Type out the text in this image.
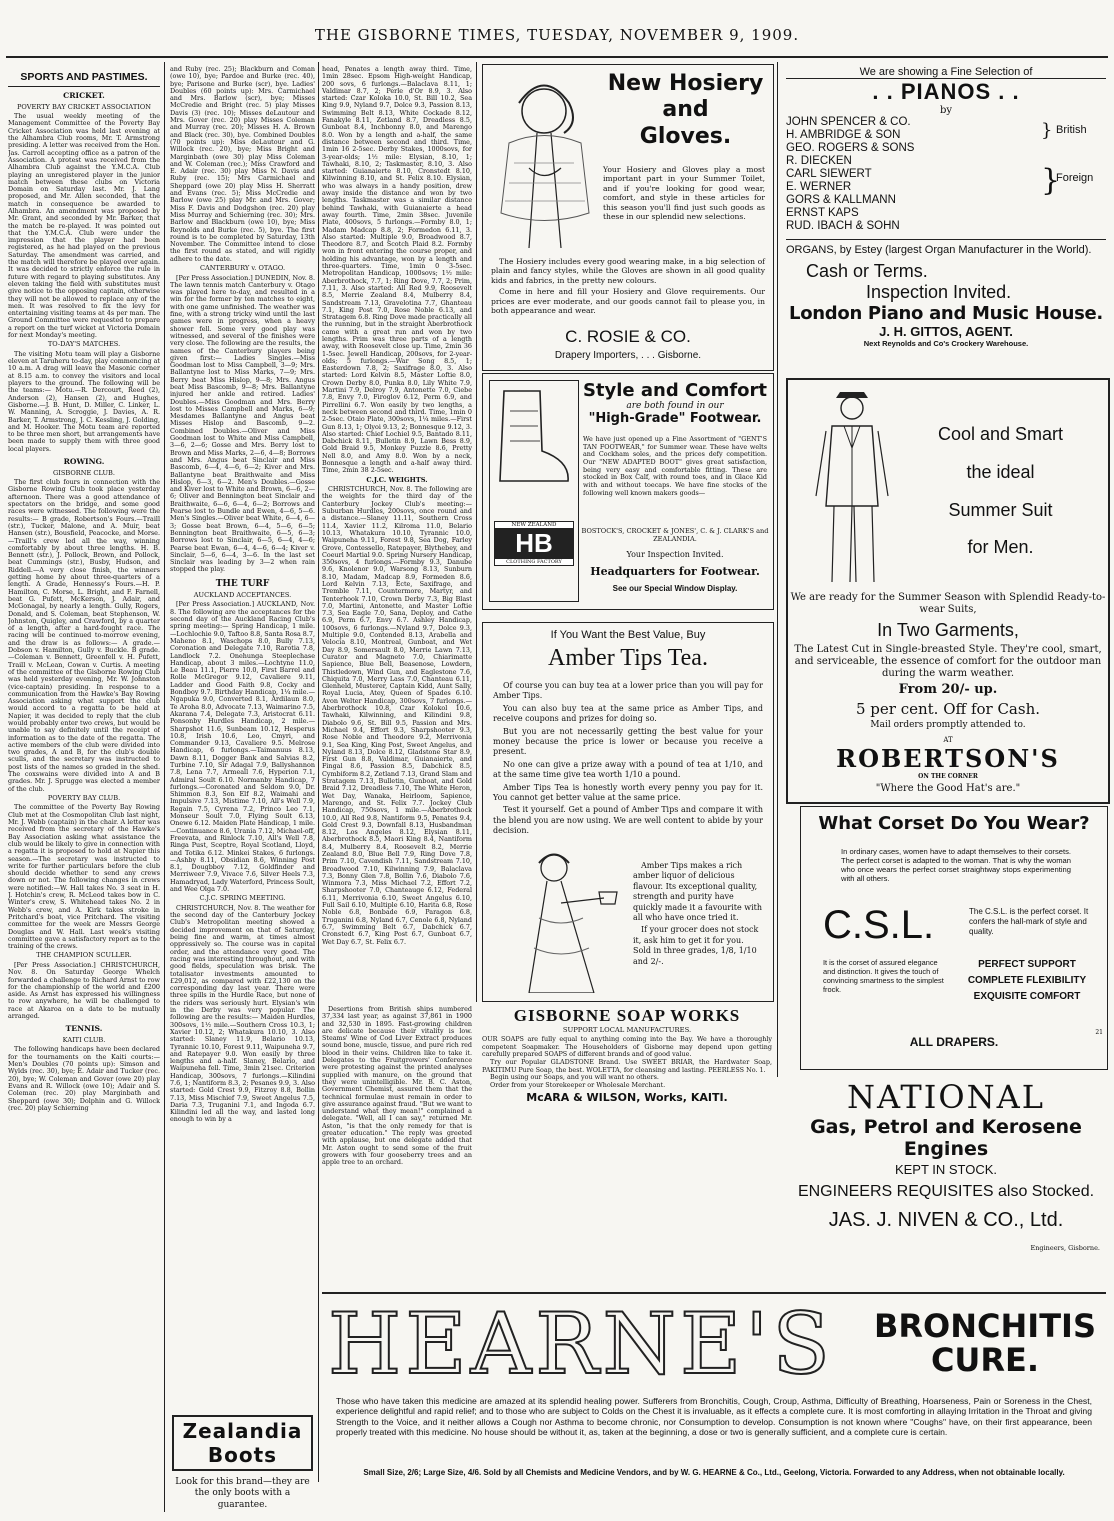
THE GISBORNE TIMES, TUESDAY, NOVEMBER 9, 1909.
SPORTS AND PASTIMES.
CRICKET.
POVERTY BAY CRICKET ASSOCIATION

The usual weekly meeting of the Management Committee of the Poverty Bay Cricket Association was held last evening at the Alhambra Club rooms, Mr. T. Armstrong presiding. A letter was received from the Hon. Jas. Carroll accepting office as a patron of the Association. A protest was received from the Alhambra Club against the Y.M.C.A. Club playing an unregistered player in the junior match between these clubs on Victoria Domain on Saturday last. Mr. J. Lang proposed, and Mr. Allen seconded, that the match in consequence be awarded to Alhambra. An amendment was proposed by Mr. Grant, and seconded by Mr. Barker, that the match be re-played. It was pointed out that the Y.M.C.A. Club were under the impression that the player had been registered, as he had played on the previous Saturday. The amendment was carried, and the match will therefore be played over again. It was decided to strictly enforce the rule in future with regard to playing substitutes. Any eleven taking the field with substitutes must give notice to the opposing captain, otherwise they will not be allowed to replace any of the men. It was resolved to fix the levy for entertaining visiting teams at 4s per man. The Ground Committee were requested to prepare a report on the turf wicket at Victoria Domain for next Monday's meeting.

TO-DAY'S MATCHES.

The visiting Motu team will play a Gisborne eleven at Taruheru to-day, play commencing at 10 a.m. A drag will leave the Masonic corner at 8.15 a.m. to convey the visitors and local players to the ground. The following will be the teams:— Motu.—R. Dercourt, Reed (2), Anderson (2), Hansen (2), and Hughes, Gisborne.—J. B. Hunt, D. Miller, C. Linker, L. W. Manning, A. Scroggie, J. Davies, A. R. Barker, T. Armstrong, J. C. Kessling, J. Golding, and M. Hooker. The Motu team are reported to be three men short, but arrangements have been made to supply them with three good local players.

ROWING.
GISBORNE CLUB.

The first club fours in connection with the Gisborne Rowing Club took place yesterday afternoon. There was a good attendance of spectators on the bridge, and some good races were witnessed. The following were the results:— B grade, Robertson's Fours.—Traill (str.), Tucker, Malone, and A. Muir, beat Hansen (str.), Bousfield, Peacocke, and Morse.—Traill's crew led all the way, winning comfortably by about three lengths. H. B. Bennett (str.), J. Pollock, Brown, and Pollock, beat Cummings (str.), Busby, Hudson, and Riddell.—A very close finish, the winners getting home by about three-quarters of a length. A Grade, Hennessy's Fours.—H. P. Hamilton, C. Morse, L. Bright, and F. Farnell, beat G. Pufett, McKerson, J. Adair, and McGonagal, by nearly a length. Gully, Rogers, Donald, and S. Coleman, beat Stephenson, W. Johnston, Quigley, and Crawford, by a quarter of a length, after a hard-fought race. The racing will be continued to-morrow evening, and the draw is as follows:— A grade.—Dobson v. Hamilton, Gully v. Buckle. B grade.—Coleman v. Bennett, Greenfell v. H. Pufett, Traill v. McLean, Cowan v. Curtis. A meeting of the committee of the Gisborne Rowing Club was held yesterday evening, Mr. W. Johnston (vice-captain) presiding. In response to a communication from the Hawke's Bay Rowing Association asking what support the club would accord to a regatta to be held at Napier, it was decided to reply that the club would probably enter two crews, but would be unable to say definitely until the receipt of information as to the date of the regatta. The active members of the club were divided into two grades, A and B, for the club's double sculls, and the secretary was instructed to post lists of the names so graded in the shed. The coxswains were divided into A and B grades. Mr. J. Sprugge was elected a member of the club.

POVERTY BAY CLUB.

The committee of the Poverty Bay Rowing Club met at the Cosmopolitan Club last night, Mr. J. Webb (captain) in the chair. A letter was received from the secretary of the Hawke's Bay Association asking what assistance the club would be likely to give in connection with a regatta it is proposed to hold at Napier this season.—The secretary was instructed to write for further particulars before the club should decide whether to send any crews down or not. The following changes in crews were notified:—W. Hall takes No. 3 seat in H. J. Hotchin's crew, R. McLeod takes bow in C. Winter's crew, S. Whitehead takes No. 2 in Webb's crew, and A. Kirk takes stroke in Pritchard's boat, vice Pritchard. The visiting committee for the week are Messrs George Douglas and W. Hall. Last week's visiting committee gave a satisfactory report as to the training of the crews.

THE CHAMPION SCULLER.

[Per Press Association.] CHRISTCHURCH, Nov. 8. On Saturday George Whelch forwarded a challenge to Richard Arnst to row for the championship of the world and £200 aside. As Arnst has expressed his willingness to row anywhere, he will be challenged to race at Akaroa on a date to be mutually arranged.

TENNIS.
KAITI CLUB.

The following handicaps have been declared for the tournaments on the Kaiti courts:— Men's Doubles (70 points up): Simson and Wylds (rec. 30), bye; E. Adair and Tucker (rec. 20), bye; W. Coleman and Gover (owe 20) play Evans and R. Willock (owe 10); Adair and S. Coleman (rec. 20) play Marginbath and Sheppard (owe 30); Dolphin and G. Willock (rec. 20) play Schierning

and Ruby (rec. 25); Blackburn and Coman (owe 10), bye; Pardoe and Burke (rec. 40), bye; Parisone and Burke (scr), bye. Ladies' Doubles (60 points up): Mrs. Carmichael and Mrs. Barlow (scr), bye; Misses McCredie and Bright (rec. 5) play Misses Davis (3) (rec. 10); Misses deLautour and Mrs. Gover (rec. 20) play Misses Coleman and Murray (rec. 20); Misses H. A. Brown and Black (rec. 30), bye. Combined Doubles (70 points up): Miss deLautour and G. Willock (rec. 20), bye; Miss Bright and Marginbath (owe 30) play Miss Coleman and W. Coleman (rec.); Miss Crawford and E. Adair (rec. 30) play Miss N. Davis and Ruby (rec. 15); Mrs Carmichael and Sheppard (owe 20) play Miss H. Sherratt and Evans (rec. 5); Miss McCredie and Barlow (owe 25) play Mr. and Mrs. Gover; Miss F. Davis and Dodgshon (rec. 20) play Miss Murray and Schierning (rec. 30); Mrs. Barlow and Blackburn (owe 10), bye; Miss Reynolds and Burke (rec. 5), bye. The first round is to be completed by Saturday, 13th November. The Committee intend to close the first round as stated, and will rigidly adhere to the date.

CANTERBURY v. OTAGO.

[Per Press Association.] DUNEDIN, Nov. 8. The lawn tennis match Canterbury v. Otago was played here to-day, and resulted in a win for the former by ten matches to eight, with one game unfinished. The weather was fine, with a strong tricky wind until the last games were in progress, when a heavy shower fell. Some very good play was witnessed, and several of the finishes were very close. The following are the results, the names of the Canterbury players being given first:— Ladies Singles.—Miss Goodman lost to Miss Campbell, 3—9; Mrs. Ballantyne lost to Miss Marks, 7—9; Mrs. Berry beat Miss Hislop, 9—8; Mrs. Angus beat Miss Bascomb, 9—8; Mrs. Ballantyne injured her ankle and retired. Ladies' Doubles.—Miss Goodman and Mrs. Berry lost to Misses Campbell and Marks, 6—9; Mesdames Ballantyne and Angus beat Misses Hislop and Bascomb, 9—2. Combined Doubles.—Oliver and Miss Goodman lost to White and Miss Campbell, 3—6, 2—6; Gosse and Mrs. Berry lost to Brown and Miss Marks, 2—6, 4—8; Borrows and Mrs. Angus beat Sinclair and Miss Bascomb, 6—4, 4—6, 6—2; Kiver and Mrs. Ballantyne beat Braithwaite and Miss Hislop, 6—3, 6—2. Men's Doubles.—Gosse and Kiver lost to White and Brown, 6—6, 2—6; Oliver and Bennington beat Sinclair and Braithwaite, 6—6, 6—4, 6—2; Borrows and Pearse lost to Bundle and Ewen, 4—6, 5—6. Men's Singles.—Oliver beat White, 6—4, 6—3; Gosse beat Brown, 6—4, 5—6, 6—5; Bennington beat Braithwaite, 6—5, 6—3; Borrows lost to Sinclair, 6—5, 6—4, 4—6; Pearse beat Ewan, 6—4, 4—6, 6—4; Kiver v. Sinclair, 5—6, 6—4, 3—6. In the last set Sinclair was leading by 3—2 when rain stopped the play.

THE TURF
AUCKLAND ACCEPTANCES.

[Per Press Association.] AUCKLAND, Nov. 8. The following are the acceptances for the second day of the Auckland Racing Club's spring meeting:— Spring Handicap, 1 mile.—Lochlochie 9.0, Taftoo 8.8, Santa Rosa 8.7, Maheno 8.1, Waschops 8.0, Bully 7.13, Coronation and Delegate 7.10, Rarotia 7.8, Landlock 7.2. Onehunga Steeplechase Handicap, about 3 miles.—Lochtyne 11.0, Le Beau 11.1, Pierre 10.0, First Barrel and Rolle McGregor 9.12, Cavaliere 9.11, Ladder and Good Faith 9.8, Cocky and Bondboy 9.7. Birthday Handicap, 1¼ mile.—Ngapuka 9.0, Converted 8.1, Ardilaun 8.0, Te Aroha 8.0, Advocate 7.13, Waimarino 7.5, Akarana 7.4, Delegate 7.3, Aristocrat 6.11. Ponsonby Hurdles Handicap, 2 mile.—Sharpshot 11.6, Sunbeam 10.12, Hesperus 10.8, Irish 10.6, Leo, Cmyri, and Commander 9.13, Cavaliere 9.5. Melrose Handicap, 6 furlongs.—Taimanuus 8.13, Dawn 8.11, Dogger Bank and Salvias 8.2, Turbine 7.10, Sir Adagal 7.9, Ballyshannon 7.8, Lena 7.7, Armeall 7.6, Hyperion 7.1, Admiral Soult 6.10. Normanby Handicap, 7 furlongs.—Coronated and Seldom 9.0, Dr. Shimmon 8.3, Son Elf 8.2, Waimahi and Impulsive 7.13, Mistime 7.10, All's Well 7.9, Regain 7.5, Cyrena 7.2, Princo Leo 7.1, Monseur Soult 7.0, Flying Soult 6.13, Onewe 6.12. Maiden Plate Handicap, 1 mile.—Continuance 8.6, Urania 7.12, Michael-off, Freevata, and Rinlock 7.10, All's Well 7.8, Ringa Pust, Sceptre, Royal Scotland, Lloyd, and Totika 6.12. Minkei Stakes, 6 furlongs.—Ashby 8.11, Obsidian 8.6, Winning Post 8.1, Dougbboy 7.12, Goldfinder and Merriweer 7.9, Vivace 7.6, Silver Heels 7.3, Hamadryad, Lady Waterford, Princess Soult, and Wee Olga 7.0.

C.J.C. SPRING MEETING.

CHRISTCHURCH, Nov. 8. The weather for the second day of the Canterbury Jockey Club's Metropolitan meeting showed a decided improvement on that of Saturday, being fine and warm, at times almost oppressively so. The course was in capital order, and the attendance very good. The racing was interesting throughout, and with good fields, speculation was brisk. The totalisator investments amounted to £29,012, as compared with £22,130 on the corresponding day last year. There were three spills in the Hurdle Race, but none of the riders was seriously hurt. Elysian's win in the Derby was very popular. The following are the results:— Maiden Hurdles, 300sovs, 1½ mile.—Southern Cross 10.3, 1; Xavier 10.12, 2; Whatakura 10.10, 3. Also started: Slaney 11.9, Belario 10.13, Tyrannic 10.10, Forest 9.11, Waipuneha 9.7, and Ratepayer 9.0. Won easily by three lengths and a-half. Slaney, Belario, and Waipuneha fell. Time, 3min 21sec. Criterion Handicap, 300sovs, 7 furlongs.—Kilindini 7.6, 1; Nantiform 8.3, 2; Pesanes 9.9, 3. Also started: Gold Crest 9.9, Fitzroy 8.8, Bollin 7.13, Miss Mischief 7.9, Sweet Angelus 7.5, Daria 7.3, Truganini 7.1, and Ingoda 6.7. Kilindini led all the way, and lasted long enough to win by a

Zealandia Boots
Look for this brand—they are the only boots with a guarantee.

head, Penates a length away third. Time, 1min 28sec. Epsom High-weight Handicap, 200 sovs, 6 furlongs.—Balaclava 8.11, 1; Valdimar 8.7, 2; Perle d'Or 8.9, 3. Also started: Czar Koloka 10.0, St. Bill 10.2, Sea King 9.9, Nyland 9.7, Dolce 9.3, Passion 8.13, Swimming Belt 8.13, White Cockade 8.12, Fanakyle 8.11, Zetland 8.7, Dreadless 8.5, Gunboat 8.4, Inchbonny 8.0, and Marengo 8.0. Won by a length and a-half, the same distance between second and third. Time, 1min 16 2-5sec. Derby Stakes, 1000sovs, for 3-year-olds; 1½ mile: Elysian, 8.10, 1; Tawhaki, 8.10, 2; Taskmaster, 8.10, 3. Also started: Guianaierte 8.10, Cronstedt 8.10, Kilwinning 8.10, and St. Felix 8.10. Elysian, who was always in a handy position, drew away inside the distance and won by two lengths. Taskmaster was a similar distance behind Tawhaki, with Guianaierte a head away fourth. Time, 2min 38sec. Juvenile Plate, 400sovs, 5 furlongs.—Formby 8.0, 1; Madam Madcap 8.8, 2; Formedon 6.11, 3. Also started: Multiple 9.0, Broadwood 8.7, Theodore 8.7, and Scotch Plaid 8.2. Formby won in front entering the course proper, and holding his advantage, won by a length and three-quarters. Time, 1min 0 3-5sec. Metropolitan Handicap, 1000sovs; 1½ mile: Aberbrothock, 7.7, 1; Ring Dove, 7.7, 2; Prim, 7.11, 3. Also started: All Red 9.9, Roosevelt 8.5, Merrie Zealand 8.4, Mulberry 8.4, Sandstream 7.13, Gravelotina 7.7, Ghanteau 7.1, King Post 7.0, Rose Noble 6.13, and Stratagem 6.8. Ring Dove made practically all the running, but in the straight Aberbrothock came with a great run and won by two lengths. Prim was three parts of a length away, with Roosevelt close up. Time, 2min 36 1-5sec. Jewell Handicap, 200sovs, for 2-year-olds; 5 furlongs.—War Song 8.5, 1; Easterdown 7.8, 2; Saxifrage 8.0, 3. Also started: Lord Kelvin 8.5, Master Loftie 8.0, Crown Derby 8.0, Punka 8.0, Lily White 7.9, Martini 7.9, Delroy 7.9, Antonette 7.0, Ciebe 7.8, Envy 7.0, Firoglov 6.12, Perm 6.9, and Pirrellini 6.7. Won easily by two lengths, a neck between second and third. Time, 1min 0 2-5sec. Otaio Plate, 300sovs, 1¼ miles.—First Gun 8.13, 1; Olyoi 9.13, 2; Bonnesque 9.12, 3. Also started: Chief Lochiel 9.5, Bantado 8.11, Dabchick 8.11, Bulletin 8.9, Lawn Bess 8.9, Gold Braid 9.5, Monkey Puzzle 8.6, Pretty Nell 8.0, and Amy 8.0. Won by a neck, Bonnesque a length and a-half away third. Time, 2min 38 2-5sec.

C.J.C. WEIGHTS.

CHRISTCHURCH, Nov. 8. The following are the weights for the third day of the Canterbury Jockey Club's meeting:— Suburban Hurdles, 200sovs, once round and a distance.—Slaney 11.11, Southern Cross 11.4, Xavier 11.2, Kilroma 11.0, Belario 10.13, Whatakura 10.10, Tyrannic 10.0, Waipuneha 9.11, Forest 9.8, Sea Dog, Farley Grove, Contessello, Ratepayer, Blythebey, and Coeurl Martial 9.0. Spring Nursery Handicap, 350sovs, 4 furlongs.—Formby 9.3, Danube 9.6, Knolenor 9.0, Warsong 8.13, Sunburn 8.10, Madam, Madcap 8.9, Formeden 8.6, Lord Kelvin 7.13, Ecte, Saxifrage, and Tremble 7.11, Countermore, Martyr, and Tenterhook 7.10, Crown Derby 7.3, Big Blast 7.0, Martini, Antonette, and Master Loftie 7.3, Sea Eagle 7.0, Sana, Deploy, and Cathe 6.9, Perm 6.7, Envy 6.7. Ashley Handicap, 100sovs, 6 furlongs.—Nyland 9.7, Dolce 9.3, Multiple 9.0, Contended 8.13, Arabella and Velocia 8.10, Montreal, Gunboat, and Wet Day 8.9, Somersault 8.0, Merrie Lawn 7.13, Curator and Magneto 7.0, Chiarimatte Sapience, Blue Bell, Beasenose, Lowdern, Thistledown, Wind Gun, and Eaglestone 7.6, Chiquita 7.0, Merry Lass 7.0, Chanteau 6.11, Glenheld, Musterer, Captain Kidd, Aunt Sally, Royal Lucia, Atey, Queen of Spades 6.10. Avon Welter Handicap, 300sovs, 7 furlongs.—Aberbrothock 10.8, Czar Kolokol 10.6, Tawhaki, Kilwinning, and Kilindini 9.8, Diabolo 9.6, St. Bill 9.5, Passion and Mrs. Michael 9.4, Effort 9.3, Sharpshooter 9.3, Rose Noble and Theodore 9.2, Merrivonia 9.1, Sea King, King Post, Sweet Angelus, and Nyland 8.13, Dolce 8.12, Gladstone Star 8.9, First Gun 8.8, Valdimar, Guianaierte, and Fingal 8.6, Passion 8.5, Dabchick 8.5, Cymbiform 8.2, Zetland 7.13, Grand Slam and Stratagem 7.13, Bulletin, Gunboat, and Gold Braid 7.12, Dreadless 7.10, The White Heron, Wet Day, Wanaka, Heirloom, Sapience, Marengo, and St. Felix 7.7. Jockey Club Handicap, 750sovs, 1 mile.—Aberbrothock 10.0, All Red 9.8, Nantiform 9.5, Penates 9.4, Gold Crest 9.3, Downfall 8.13, Husbandman 8.12, Los Angeles 8.12, Elysian 8.11, Aberbrothock 8.5, Maori King 8.4, Nantiform 8.4, Mulberry 8.4, Roosevelt 8.2, Merrie Zealand 8.0, Blue Bell 7.9, Ring Dove 7.8, Prim 7.10, Cavendish 7.11, Sandstream 7.10, Broadwood 7.10, Kilwinning 7.9, Balaclava 7.3, Bonny Glen 7.8, Bollin 7.6, Diabolo 7.6, Winmora 7.3, Miss Michael 7.2, Effort 7.2, Sharpshooter 7.0, Chanteauge 6.12, Federal 6.11, Merrivonia 6.10, Sweet Angelus 6.10, Full Sail 6.10, Multiple 6.10, Harita 6.8, Rose Noble 6.8, Bonbade 6.9, Paragon 6.8, Truganini 6.8, Nyland 6.7, Cenole 6.8, Nyland 6.7, Swimming Belt 6.7, Dabchick 6.7, Cronstedt 6.7, King Post 6.7, Gunboat 6.7, Wet Day 6.7, St. Felix 6.7.

New Hosiery
and
Gloves.
Your Hosiery and Gloves play a most important part in your Summer Toilet, and if you're looking for good wear, comfort, and style in these articles for this season you'll find just such goods as these in our splendid new selections.

The Hosiery includes every good wearing make, in a big selection of plain and fancy styles, while the Gloves are shown in all good quality kids and fabrics, in the pretty new colours.

Come in here and fill your Hosiery and Glove requirements. Our prices are ever moderate, and our goods cannot fail to please you, in both appearance and wear.

C. ROSIE & CO.
Drapery Importers, . . . Gisborne.
NEW ZEALAND
HB
CLOTHING FACTORY
Style and Comfort
are both found in our
"High-Grade" Footwear.
We have just opened up a Fine Assortment of "GENT'S TAN FOOTWEAR," for Summer wear. These have welts and Cockham soles, and the prices defy competition. Our "NEW ADAPTED BOOT" gives great satisfaction, being very easy and comfortable fitting. These are stocked in Box Calf, with round toes, and in Glace Kid with and without toecaps. We have fine stocks of the following well known makers goods—
BOSTOCK'S, CROCKET & JONES', C. & J. CLARK'S and ZEALANDIA.
Your Inspection Invited.
Headquarters for Footwear.
See our Special Window Display.
If You Want the Best Value, Buy
Amber Tips Tea.

Of course you can buy tea at a lower price than you will pay for Amber Tips.

You can also buy tea at the same price as Amber Tips, and receive coupons and prizes for doing so.

But you are not necessarily getting the best value for your money because the price is lower or because you receive a present.

No one can give a prize away with a pound of tea at 1/10, and at the same time give tea worth 1/10 a pound.

Amber Tips Tea is honestly worth every penny you pay for it. You cannot get better value at the same price.

Test it yourself. Get a pound of Amber Tips and compare it with the blend you are now using. We are well content to abide by your decision.

Amber Tips makes a rich amber liquor of delicious flavour. Its exceptional quality, strength and purity have quickly made it a favourite with all who have once tried it.

If your grocer does not stock it, ask him to get it for you. Sold in three grades, 1/8, 1/10 and 2/-.

GISBORNE SOAP WORKS
SUPPORT LOCAL MANUFACTURES.

OUR SOAPS are fully equal to anything coming into the Bay. We have a thoroughly competent Soapmaker. The Householders of Gisborne may depend upon getting carefully prepared SOAPS of different brands and of good value.

Try our Popular GLADSTONE Brand. Use SWEET BRIAR, the Hardwater Soap, PAKITIMU Pure Soap, the best. WOLETTA, for cleansing and lasting. PEERLESS No. 1.

Begin using our Soaps, and you will want no others.

Order from your Storekeeper or Wholesale Merchant.

McARA & WILSON, Works, KAITI.

Desertions from British ships numbered 37,334 last year, as against 37,861 in 1900 and 32,530 in 1895. Fast-growing children are delicate because their vitality is low. Steams' Wine of Cod Liver Extract produces sound bone, muscle, tissue, and pure rich red blood in their veins. Children like to take it. Delegates to the Fruitgrowers' Conference were protesting against the printed analyses supplied with manure, on the ground that they were unintelligible. Mr. B. C. Aston, Government Chemist, assured them that the technical formulae must remain in order to give assurance against fraud. "But we want to understand what they mean!" complained a delegate. "Well, all I can say," returned Mr. Aston, "is that the only remedy for that is greater education." The reply was greeted with applause, but one delegate added that Mr. Aston ought to send some of the fruit growers with four gooseberry trees and an apple tree to an orchard.

We are showing a Fine Selection of
. . PIANOS . .
by
JOHN SPENCER & CO.
H. AMBRIDGE & SON
GEO. ROGERS & SONS
R. DIECKEN
CARL SIEWERT
E. WERNER
GORS & KALLMANN
ERNST KAPS
RUD. IBACH & SOHN
} British
}
Foreign
ORGANS, by Estey (largest Organ Manufacturer in the World).
Cash or Terms.
Inspection Invited.
London Piano and Music House.
J. H. GITTOS, AGENT.
Next Reynolds and Co's Crockery Warehouse.
Cool and Smart
the ideal
Summer Suit
for Men.
We are ready for the Summer Season with Splendid Ready-to-wear Suits,
In Two Garments,
The Latest Cut in Single-breasted Style. They're cool, smart, and serviceable, the essence of comfort for the outdoor man during the warm weather.
From 20/- up.
5 per cent. Off for Cash.
Mail orders promptly attended to.
AT
ROBERTSON'S
ON THE CORNER
"Where the Good Hat's are."
What Corset Do You Wear?
In ordinary cases, women have to adapt themselves to their corsets. The perfect corset is adapted to the woman. That is why the woman who once wears the perfect corset straightway stops experimenting with all others.
C.S.L.	The C.S.L. is the perfect corset. It confers the hall-mark of style and quality.
It is the corset of assured elegance and distinction. It gives the touch of convincing smartness to the simplest frock.
PERFECT SUPPORT
COMPLETE FLEXIBILITY
EXQUISITE COMFORT
ALL DRAPERS.
21
NATIONAL
Gas, Petrol and Kerosene Engines
KEPT IN STOCK.
ENGINEERS REQUISITES also Stocked.
JAS. J. NIVEN & CO., Ltd.
Engineers, Gisborne.
HEARNE'S	BRONCHITIS
CURE.
Those who have taken this medicine are amazed at its splendid healing power. Sufferers from Bronchitis, Cough, Croup, Asthma, Difficulty of Breathing, Hoarseness, Pain or Soreness in the Chest, experience delightful and rapid relief; and to those who are subject to Colds on the Chest it is invaluable, as it effects a complete cure. It is most comforting in allaying Irritation in the Throat and giving Strength to the Voice, and it neither allows a Cough nor Asthma to become chronic, nor Consumption to develop. Consumption is not known where "Coughs" have, on their first appearance, been properly treated with this medicine. No house should be without it, as, taken at the beginning, a dose or two is generally sufficient, and a complete cure is certain.
Small Size, 2/6; Large Size, 4/6. Sold by all Chemists and Medicine Vendors, and by W. G. HEARNE & Co., Ltd., Geelong, Victoria. Forwarded to any Address, when not obtainable locally.
